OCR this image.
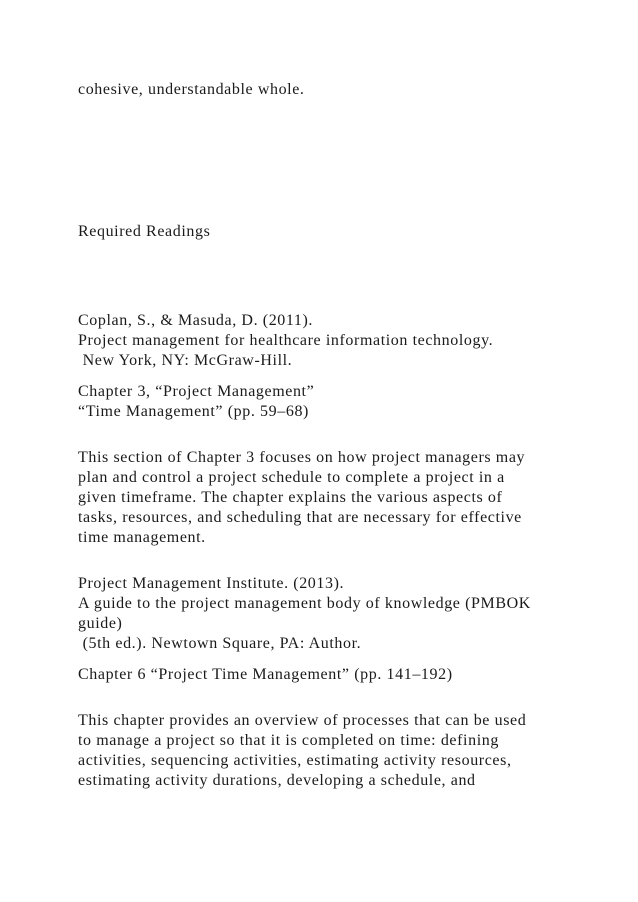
cohesive, understandable whole.

Required Readings

Coplan, S., & Masuda, D. (2011).

Project management for healthcare information technology.

New York, NY: McGraw-Hill.

Chapter 3, “Project Management”

“Time Management” (pp. 59–68)

This section of Chapter 3 focuses on how project managers may

plan and control a project schedule to complete a project in a

given timeframe. The chapter explains the various aspects of

tasks, resources, and scheduling that are necessary for effective

time management.

Project Management Institute. (2013).

A guide to the project management body of knowledge (PMBOK

guide)

(5th ed.). Newtown Square, PA: Author.

Chapter 6 “Project Time Management” (pp. 141–192)

This chapter provides an overview of processes that can be used

to manage a project so that it is completed on time: defining

activities, sequencing activities, estimating activity resources,

estimating activity durations, developing a schedule, and
